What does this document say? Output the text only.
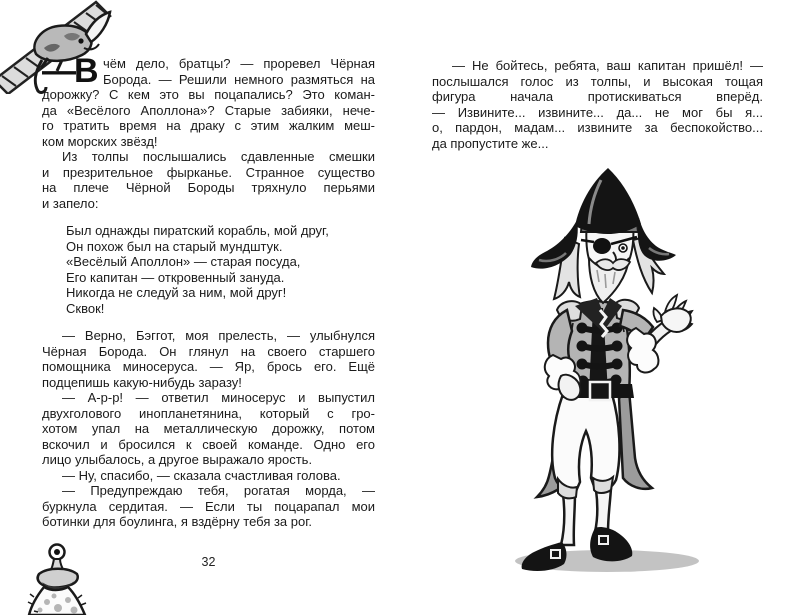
—В чём дело, братцы? — проревел Чёрная
Борода. — Решили немного размяться на
дорожку? С кем это вы поцапались? Это коман-
да «Весёлого Аполлона»? Старые забияки, нече-
го тратить время на драку с этим жалким меш-
ком морских звёзд!
Из толпы послышались сдавленные смешки
и презрительное фырканье. Странное существо
на плече Чёрной Бороды тряхнуло перьями
и запело:
Был однажды пиратский корабль, мой друг,
Он похож был на старый мундштук.
«Весёлый Аполлон» — старая посуда,
Его капитан — откровенный зануда.
Никогда не следуй за ним, мой друг!
Сквок!
— Верно, Бэггот, моя прелесть, — улыбнулся
Чёрная Борода. Он глянул на своего старшего
помощника миносеруса. — Яр, брось его. Ещё
подцепишь какую-нибудь заразу!
— А-р-р! — ответил миносерус и выпустил
двухголового инопланетянина, который с гро-
хотом упал на металлическую дорожку, потом
вскочил и бросился к своей команде. Одно его
лицо улыбалось, а другое выражало ярость.
— Ну, спасибо, — сказала счастливая голова.
— Предупреждаю тебя, рогатая морда, —
буркнула сердитая. — Если ты поцарапал мои
ботинки для боулинга, я вздёрну тебя за рог.
32
— Не бойтесь, ребята, ваш капитан пришёл! —
послышался голос из толпы, и высокая тощая
фигура начала протискиваться вперёд.
— Извините... извините... да... не мог бы я...
о, пардон, мадам... извините за беспокойство...
да пропустите же...
